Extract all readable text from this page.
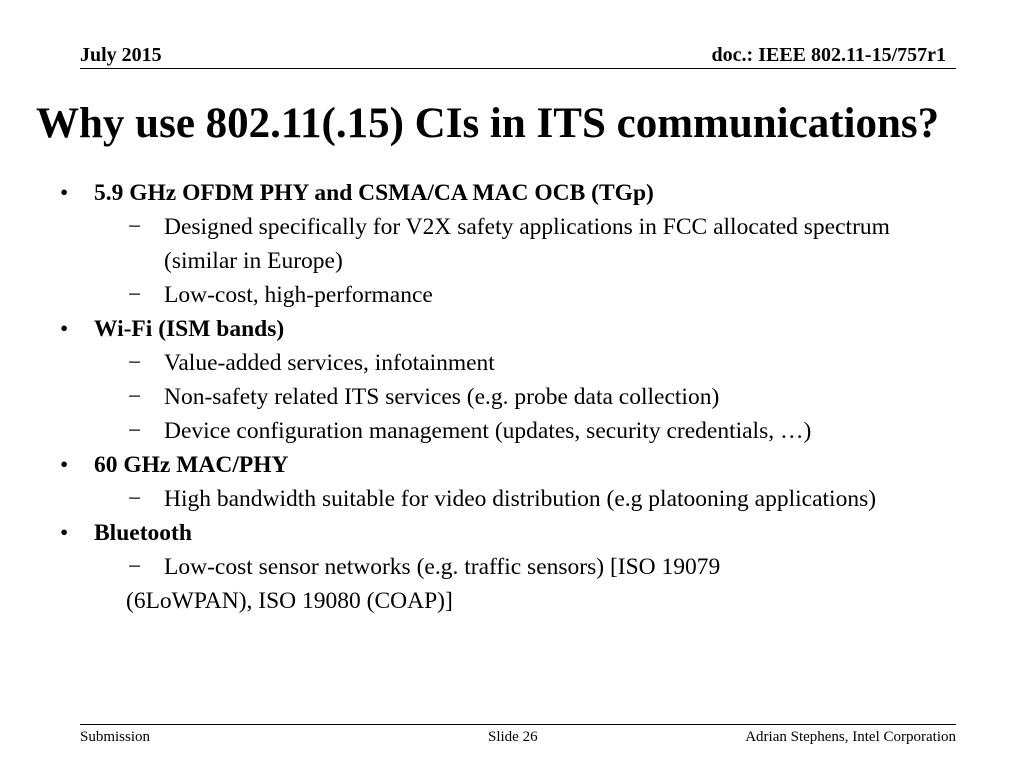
July 2015	doc.: IEEE 802.11-15/757r1
Why use 802.11(.15) CIs in ITS communications?
• 5.9 GHz OFDM PHY and CSMA/CA MAC OCB (TGp)
− Designed specifically for V2X safety applications in FCC allocated spectrum (similar in Europe)
− Low-cost, high-performance
• Wi-Fi (ISM bands)
− Value-added services, infotainment
− Non-safety related ITS services (e.g. probe data collection)
− Device configuration management (updates, security credentials, …)
• 60 GHz MAC/PHY
− High bandwidth suitable for video distribution (e.g platooning applications)
• Bluetooth
− Low-cost sensor networks (e.g. traffic sensors) [ISO 19079
(6LoWPAN), ISO 19080 (COAP)]
Submission	Slide 26	Adrian Stephens, Intel Corporation
